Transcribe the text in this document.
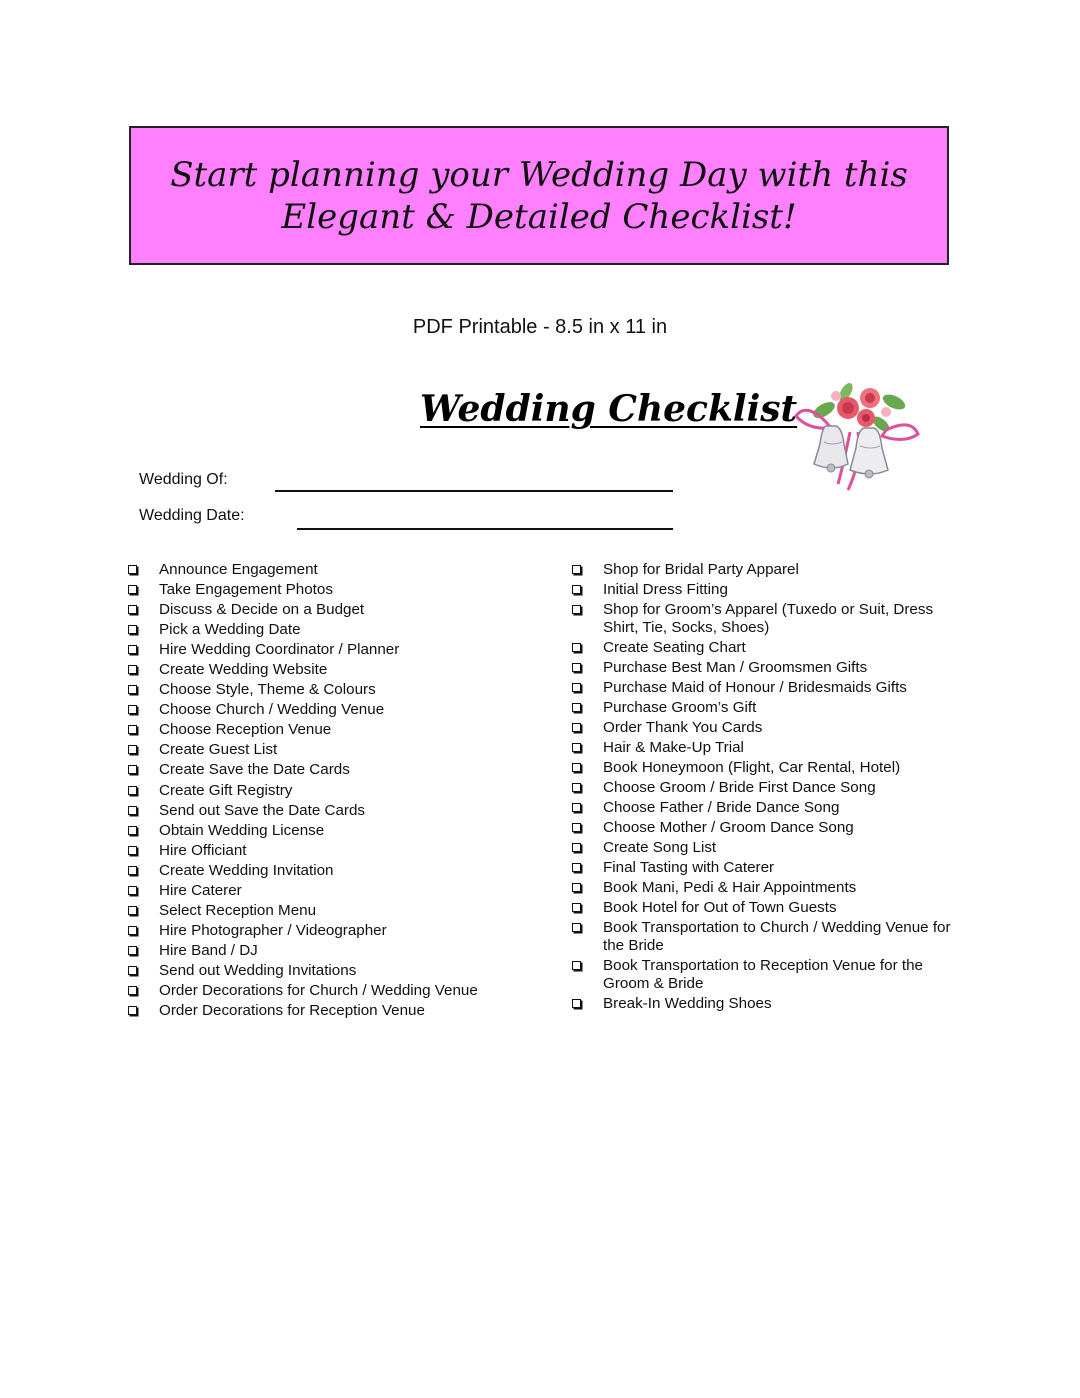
Start planning your Wedding Day with this
Elegant & Detailed Checklist!
PDF Printable - 8.5 in x 11 in
Wedding Checklist
Wedding Of:
Wedding Date:
Announce Engagement
Take Engagement Photos
Discuss & Decide on a Budget
Pick a Wedding Date
Hire Wedding Coordinator / Planner
Create Wedding Website
Choose Style, Theme & Colours
Choose Church / Wedding Venue
Choose Reception Venue
Create Guest List
Create Save the Date Cards
Create Gift Registry
Send out Save the Date Cards
Obtain Wedding License
Hire Officiant
Create Wedding Invitation
Hire Caterer
Select Reception Menu
Hire Photographer / Videographer
Hire Band / DJ
Send out Wedding Invitations
Order Decorations for Church / Wedding Venue
Order Decorations for Reception Venue
Shop for Bridal Party Apparel
Initial Dress Fitting
Shop for Groom’s Apparel (Tuxedo or Suit, Dress Shirt, Tie, Socks, Shoes)
Create Seating Chart
Purchase Best Man / Groomsmen Gifts
Purchase Maid of Honour / Bridesmaids Gifts
Purchase Groom’s Gift
Order Thank You Cards
Hair & Make-Up Trial
Book Honeymoon (Flight, Car Rental, Hotel)
Choose Groom / Bride First Dance Song
Choose Father / Bride Dance Song
Choose Mother / Groom Dance Song
Create Song List
Final Tasting with Caterer
Book Mani, Pedi & Hair Appointments
Book Hotel for Out of Town Guests
Book Transportation to Church / Wedding Venue for the Bride
Book Transportation to Reception Venue for the Groom & Bride
Break-In Wedding Shoes
